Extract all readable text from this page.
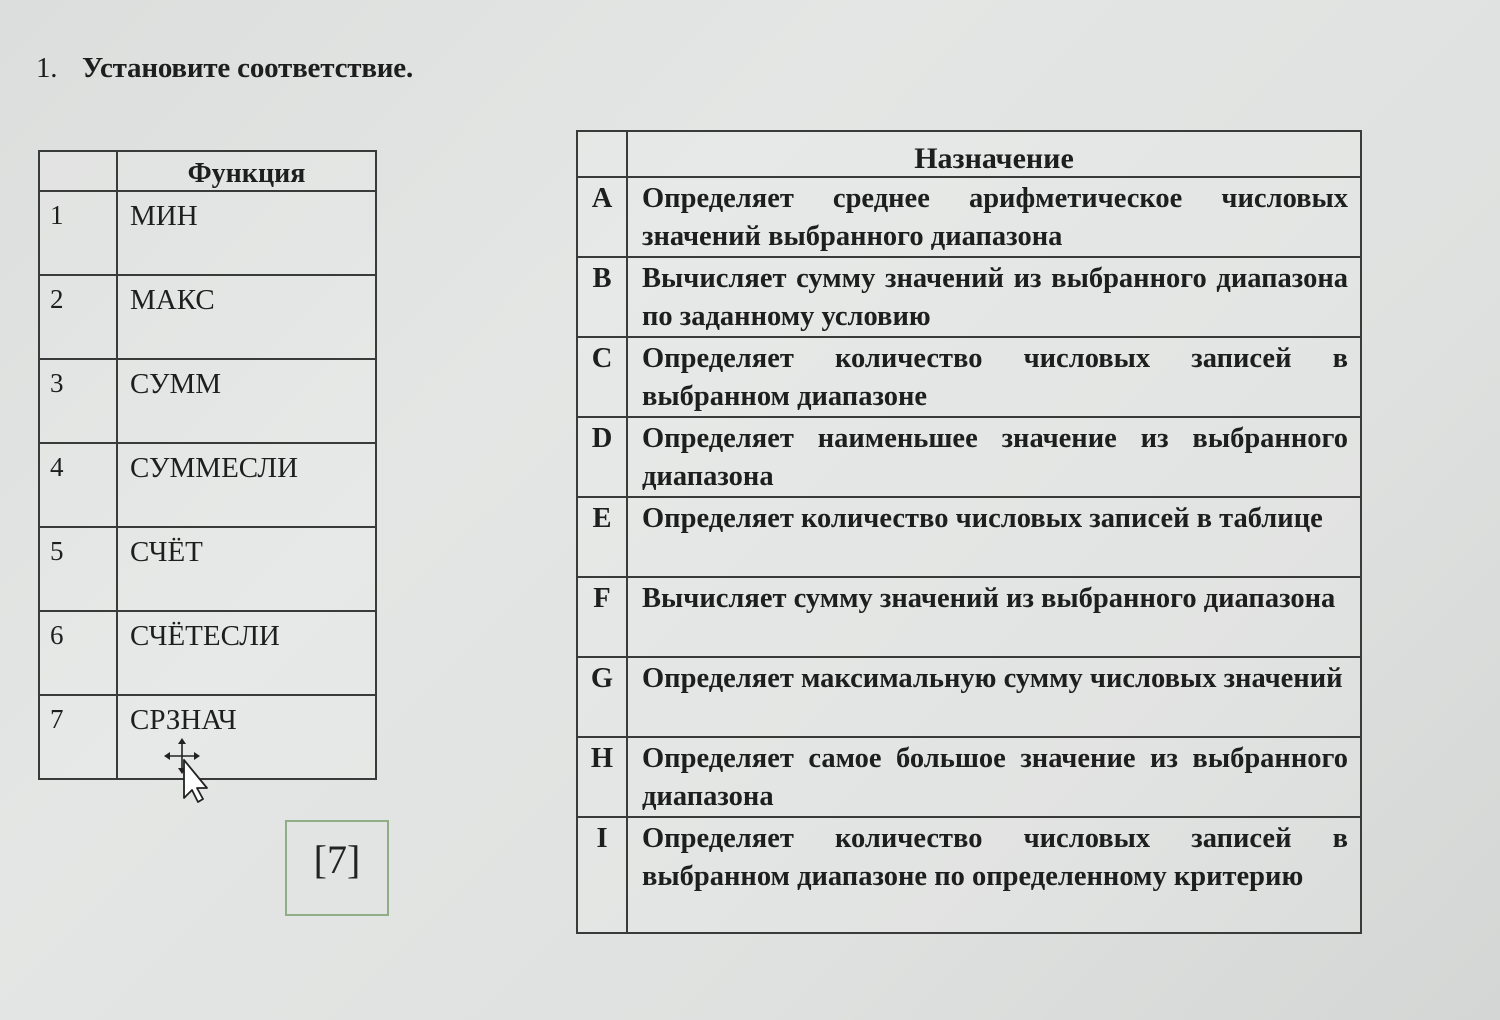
1. Установите соответствие.
	Функция
1	МИН
2	МАКС
3	СУММ
4	СУММЕСЛИ
5	СЧЁТ
6	СЧЁТЕСЛИ
7	СРЗНАЧ
	Назначение
A	Определяет среднее арифметическое числовых значений выбранного диапазона
B	Вычисляет сумму значений из выбранного диапазона по заданному условию
C	Определяет количество числовых записей в выбранном диапазоне
D	Определяет наименьшее значение из выбранного диапазона
E	Определяет количество числовых записей в таблице
F	Вычисляет сумму значений из выбранного диапазона
G	Определяет максимальную сумму числовых значений
H	Определяет самое большое значение из выбранного диапазона
I	Определяет количество числовых записей в выбранном диапазоне по определенному критерию
[7]
